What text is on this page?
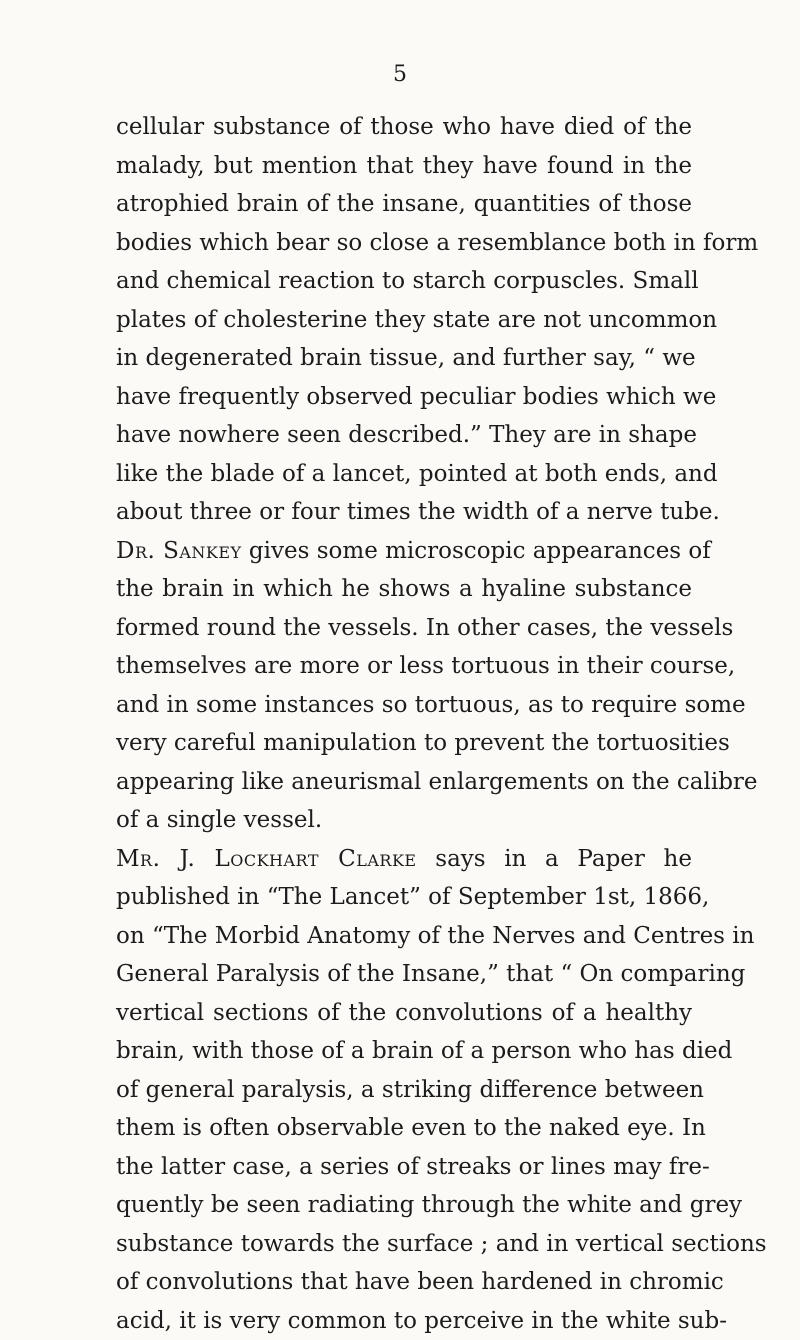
5
cellular substance of those who have died of the
malady, but mention that they have found in the
atrophied brain of the insane, quantities of those
bodies which bear so close a resemblance both in form
and chemical reaction to starch corpuscles. Small
plates of cholesterine they state are not uncommon
in degenerated brain tissue, and further say, “ we
have frequently observed peculiar bodies which we
have nowhere seen described.” They are in shape
like the blade of a lancet, pointed at both ends, and
about three or four times the width of a nerve tube.
Dr. Sankey gives some microscopic appearances of
the brain in which he shows a hyaline substance
formed round the vessels. In other cases, the vessels
themselves are more or less tortuous in their course,
and in some instances so tortuous, as to require some
very careful manipulation to prevent the tortuosities
appearing like aneurismal enlargements on the calibre
of a single vessel.
Mr. J. Lockhart Clarke says in a Paper he
published in “The Lancet” of September 1st, 1866,
on “The Morbid Anatomy of the Nerves and Centres in
General Paralysis of the Insane,” that “ On comparing
vertical sections of the convolutions of a healthy
brain, with those of a brain of a person who has died
of general paralysis, a striking difference between
them is often observable even to the naked eye. In
the latter case, a series of streaks or lines may fre-
quently be seen radiating through the white and grey
substance towards the surface ; and in vertical sections
of convolutions that have been hardened in chromic
acid, it is very common to perceive in the white sub-
